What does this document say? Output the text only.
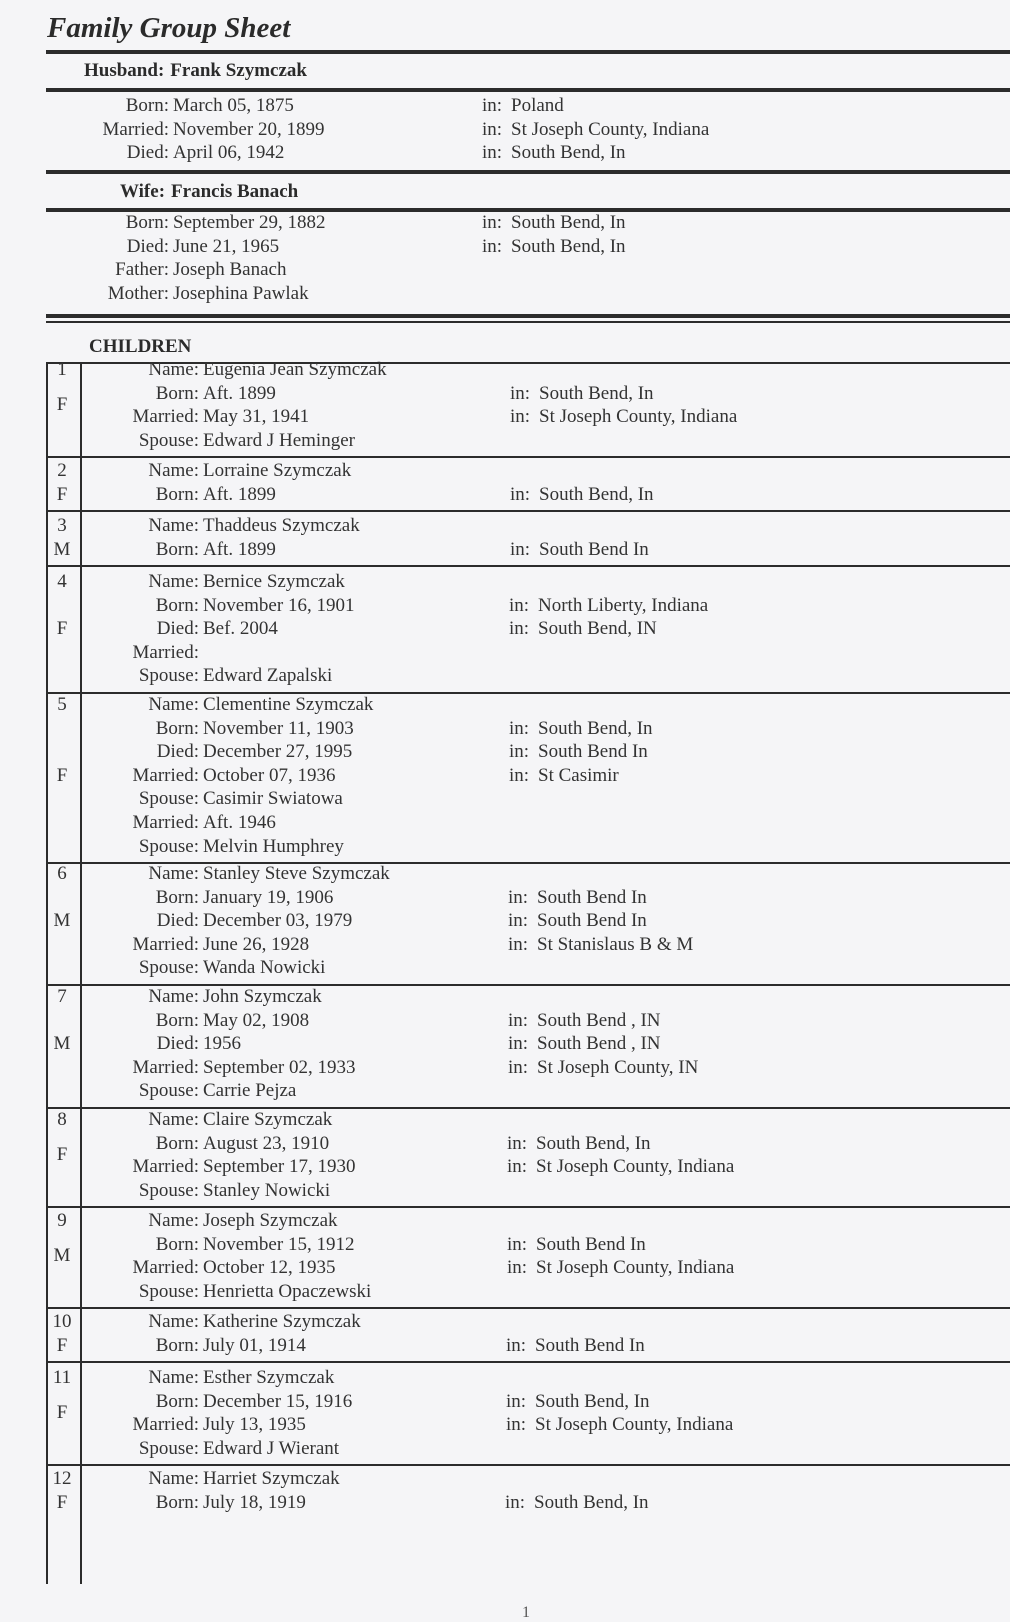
Family Group Sheet
Husband: Frank Szymczak
Born: March 05, 1875	in: Poland
Married: November 20, 1899	in: St Joseph County, Indiana
Died: April 06, 1942	in: South Bend, In
Wife: Francis Banach
Born: September 29, 1882	in: South Bend, In
Died: June 21, 1965	in: South Bend, In
Father: Joseph Banach
Mother: Josephina Pawlak
CHILDREN
1
F
Name: Eugenia Jean Szymczak
Born: Aft. 1899	in: South Bend, In
Married: May 31, 1941	in: St Joseph County, Indiana
Spouse: Edward J Heminger
2
F
Name: Lorraine Szymczak
Born: Aft. 1899	in: South Bend, In
3
M
Name: Thaddeus Szymczak
Born: Aft. 1899	in: South Bend In
4
F
Name: Bernice Szymczak
Born: November 16, 1901	in: North Liberty, Indiana
Died: Bef. 2004	in: South Bend, IN
Married:
Spouse: Edward Zapalski
5
F
Name: Clementine Szymczak
Born: November 11, 1903	in: South Bend, In
Died: December 27, 1995	in: South Bend In
Married: October 07, 1936	in: St Casimir
Spouse: Casimir Swiatowa
Married: Aft. 1946
Spouse: Melvin Humphrey
6
M
Name: Stanley Steve Szymczak
Born: January 19, 1906	in: South Bend In
Died: December 03, 1979	in: South Bend In
Married: June 26, 1928	in: St Stanislaus B & M
Spouse: Wanda Nowicki
7
M
Name: John Szymczak
Born: May 02, 1908	in: South Bend , IN
Died: 1956	in: South Bend , IN
Married: September 02, 1933	in: St Joseph County, IN
Spouse: Carrie Pejza
8
F
Name: Claire Szymczak
Born: August 23, 1910	in: South Bend, In
Married: September 17, 1930	in: St Joseph County, Indiana
Spouse: Stanley Nowicki
9
M
Name: Joseph Szymczak
Born: November 15, 1912	in: South Bend In
Married: October 12, 1935	in: St Joseph County, Indiana
Spouse: Henrietta Opaczewski
10
F
Name: Katherine Szymczak
Born: July 01, 1914	in: South Bend In
11
F
Name: Esther Szymczak
Born: December 15, 1916	in: South Bend, In
Married: July 13, 1935	in: St Joseph County, Indiana
Spouse: Edward J Wierant
12
F
Name: Harriet Szymczak
Born: July 18, 1919	in: South Bend, In
1
